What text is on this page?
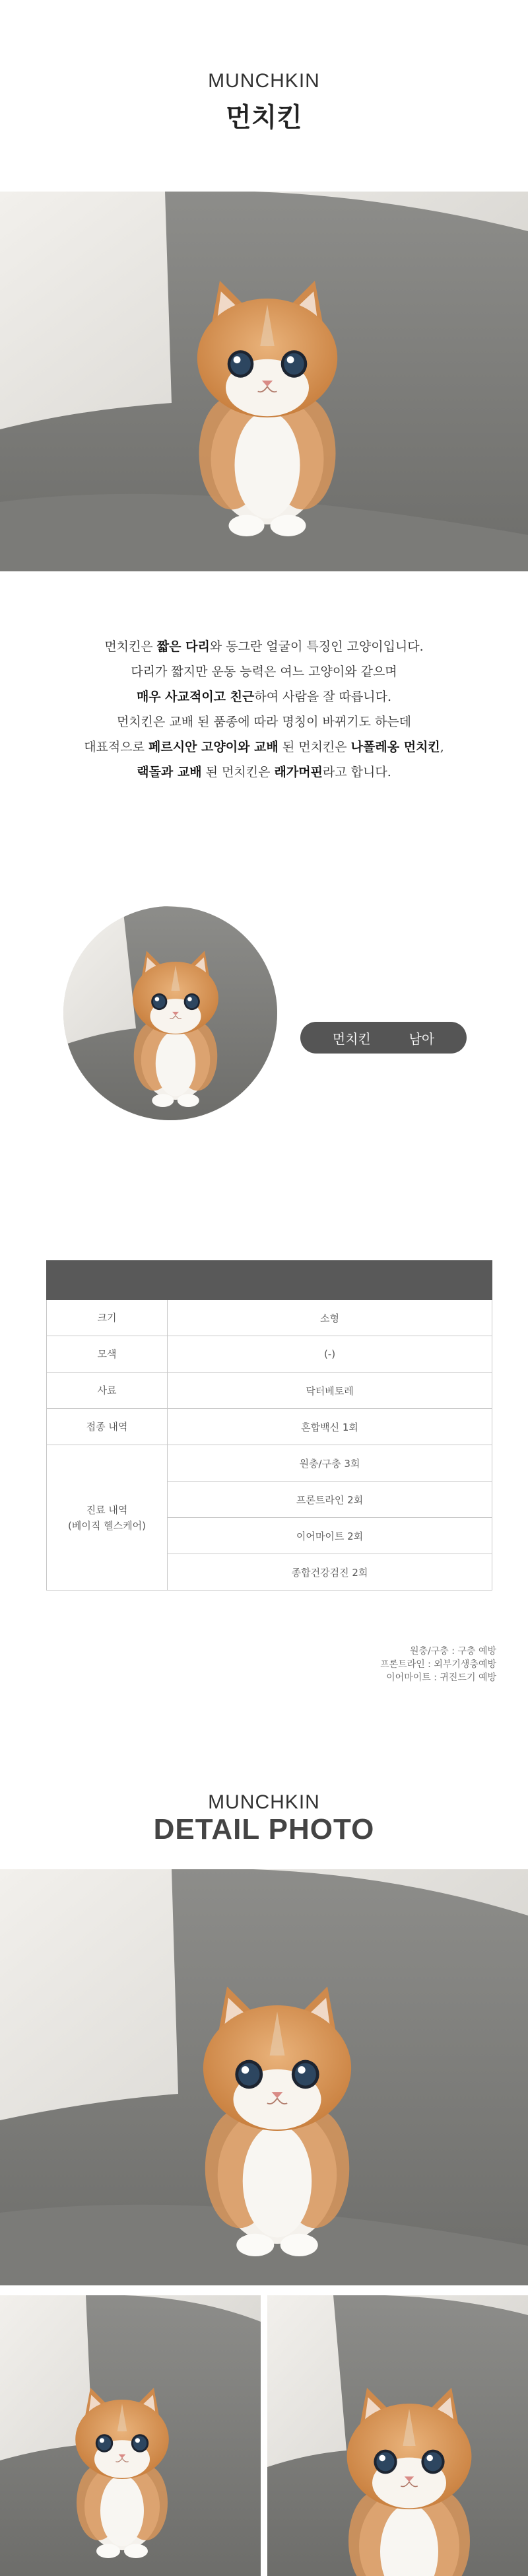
MUNCHKIN
먼치킨
먼치킨은 짧은 다리와 동그란 얼굴이 특징인 고양이입니다.
다리가 짧지만 운동 능력은 여느 고양이와 같으며
매우 사교적이고 친근하여 사람을 잘 따릅니다.
먼치킨은 교배 된 품종에 따라 명칭이 바뀌기도 하는데
대표적으로 페르시안 고양이와 교배 된 먼치킨은 나폴레옹 먼치킨,
랙돌과 교배 된 먼치킨은 래가머핀라고 합니다.
먼치킨	남아

크기	소형
모색	(-)
사료	닥터베토레
접종 내역	혼합백신 1회
진료 내역
(베이직 헬스케어)	원충/구충 3회
	프론트라인 2회
	이어마이트 2회
	종합건강검진 2회
원충/구충 : 구충 예방
프론트라인 : 외부기생충예방
이어마이트 : 귀진드기 예방
MUNCHKIN
DETAIL PHOTO
